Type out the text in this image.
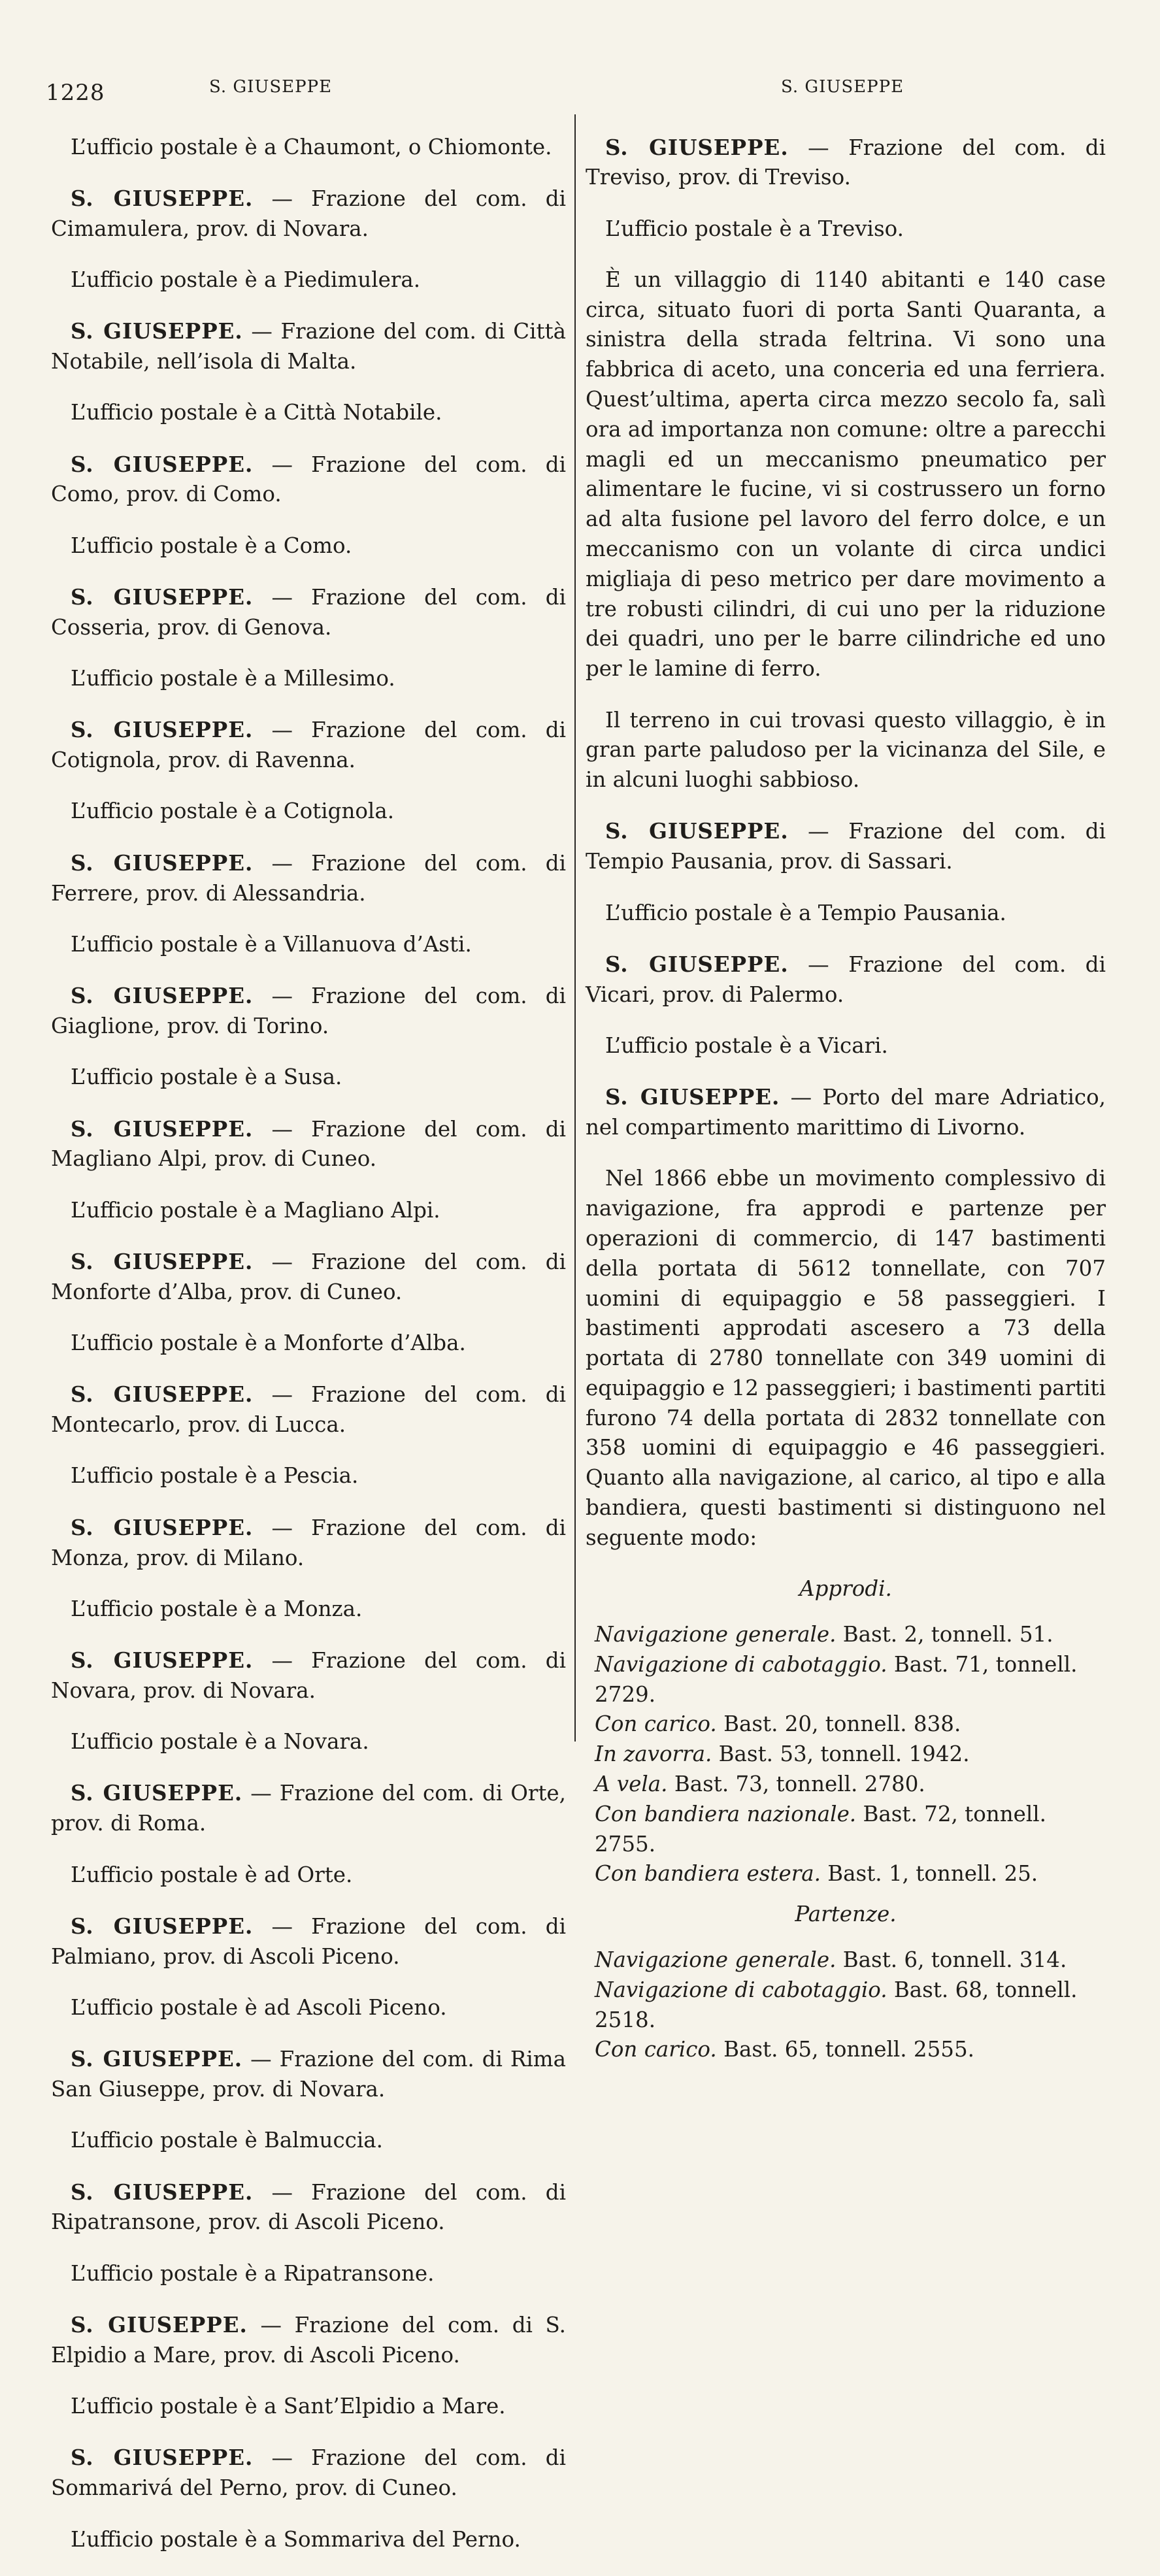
1228	S. GIUSEPPE	S. GIUSEPPE

L’ufficio postale è a Chaumont, o Chiomonte.

S. GIUSEPPE. — Frazione del com. di Cimamulera, prov. di Novara.

L’ufficio postale è a Piedimulera.

S. GIUSEPPE. — Frazione del com. di Città Notabile, nell’isola di Malta.

L’ufficio postale è a Città Notabile.

S. GIUSEPPE. — Frazione del com. di Como, prov. di Como.

L’ufficio postale è a Como.

S. GIUSEPPE. — Frazione del com. di Cosseria, prov. di Genova.

L’ufficio postale è a Millesimo.

S. GIUSEPPE. — Frazione del com. di Cotignola, prov. di Ravenna.

L’ufficio postale è a Cotignola.

S. GIUSEPPE. — Frazione del com. di Ferrere, prov. di Alessandria.

L’ufficio postale è a Villanuova d’Asti.

S. GIUSEPPE. — Frazione del com. di Giaglione, prov. di Torino.

L’ufficio postale è a Susa.

S. GIUSEPPE. — Frazione del com. di Magliano Alpi, prov. di Cuneo.

L’ufficio postale è a Magliano Alpi.

S. GIUSEPPE. — Frazione del com. di Monforte d’Alba, prov. di Cuneo.

L’ufficio postale è a Monforte d’Alba.

S. GIUSEPPE. — Frazione del com. di Montecarlo, prov. di Lucca.

L’ufficio postale è a Pescia.

S. GIUSEPPE. — Frazione del com. di Monza, prov. di Milano.

L’ufficio postale è a Monza.

S. GIUSEPPE. — Frazione del com. di Novara, prov. di Novara.

L’ufficio postale è a Novara.

S. GIUSEPPE. — Frazione del com. di Orte, prov. di Roma.

L’ufficio postale è ad Orte.

S. GIUSEPPE. — Frazione del com. di Palmiano, prov. di Ascoli Piceno.

L’ufficio postale è ad Ascoli Piceno.

S. GIUSEPPE. — Frazione del com. di Rima San Giuseppe, prov. di Novara.

L’ufficio postale è Balmuccia.

S. GIUSEPPE. — Frazione del com. di Ripatransone, prov. di Ascoli Piceno.

L’ufficio postale è a Ripatransone.

S. GIUSEPPE. — Frazione del com. di S. Elpidio a Mare, prov. di Ascoli Piceno.

L’ufficio postale è a Sant’Elpidio a Mare.

S. GIUSEPPE. — Frazione del com. di Sommarivá del Perno, prov. di Cuneo.

L’ufficio postale è a Sommariva del Perno.

S. GIUSEPPE. — Frazione del com. di Treviso, prov. di Treviso.

L’ufficio postale è a Treviso.

È un villaggio di 1140 abitanti e 140 case circa, situato fuori di porta Santi Quaranta, a sinistra della strada feltrina. Vi sono una fabbrica di aceto, una conceria ed una ferriera. Quest’ultima, aperta circa mezzo secolo fa, salì ora ad importanza non comune: oltre a parecchi magli ed un meccanismo pneumatico per alimentare le fucine, vi si costrussero un forno ad alta fusione pel lavoro del ferro dolce, e un meccanismo con un volante di circa undici migliaja di peso metrico per dare movimento a tre robusti cilindri, di cui uno per la riduzione dei quadri, uno per le barre cilindriche ed uno per le lamine di ferro.

Il terreno in cui trovasi questo villaggio, è in gran parte paludoso per la vicinanza del Sile, e in alcuni luoghi sabbioso.

S. GIUSEPPE. — Frazione del com. di Tempio Pausania, prov. di Sassari.

L’ufficio postale è a Tempio Pausania.

S. GIUSEPPE. — Frazione del com. di Vicari, prov. di Palermo.

L’ufficio postale è a Vicari.

S. GIUSEPPE. — Porto del mare Adriatico, nel compartimento marittimo di Livorno.

Nel 1866 ebbe un movimento complessivo di navigazione, fra approdi e partenze per operazioni di commercio, di 147 bastimenti della portata di 5612 tonnellate, con 707 uomini di equipaggio e 58 passeggieri. I bastimenti approdati ascesero a 73 della portata di 2780 tonnellate con 349 uomini di equipaggio e 12 passeggieri; i bastimenti partiti furono 74 della portata di 2832 tonnellate con 358 uomini di equipaggio e 46 passeggieri. Quanto alla navigazione, al carico, al tipo e alla bandiera, questi bastimenti si distinguono nel seguente modo:

Approdi.

Navigazione generale. Bast. 2, tonnell. 51.

Navigazione di cabotaggio. Bast. 71, tonnell. 2729.

Con carico. Bast. 20, tonnell. 838.

In zavorra. Bast. 53, tonnell. 1942.

A vela. Bast. 73, tonnell. 2780.

Con bandiera nazionale. Bast. 72, tonnell. 2755.

Con bandiera estera. Bast. 1, tonnell. 25.

Partenze.

Navigazione generale. Bast. 6, tonnell. 314.

Navigazione di cabotaggio. Bast. 68, tonnell. 2518.

Con carico. Bast. 65, tonnell. 2555.
